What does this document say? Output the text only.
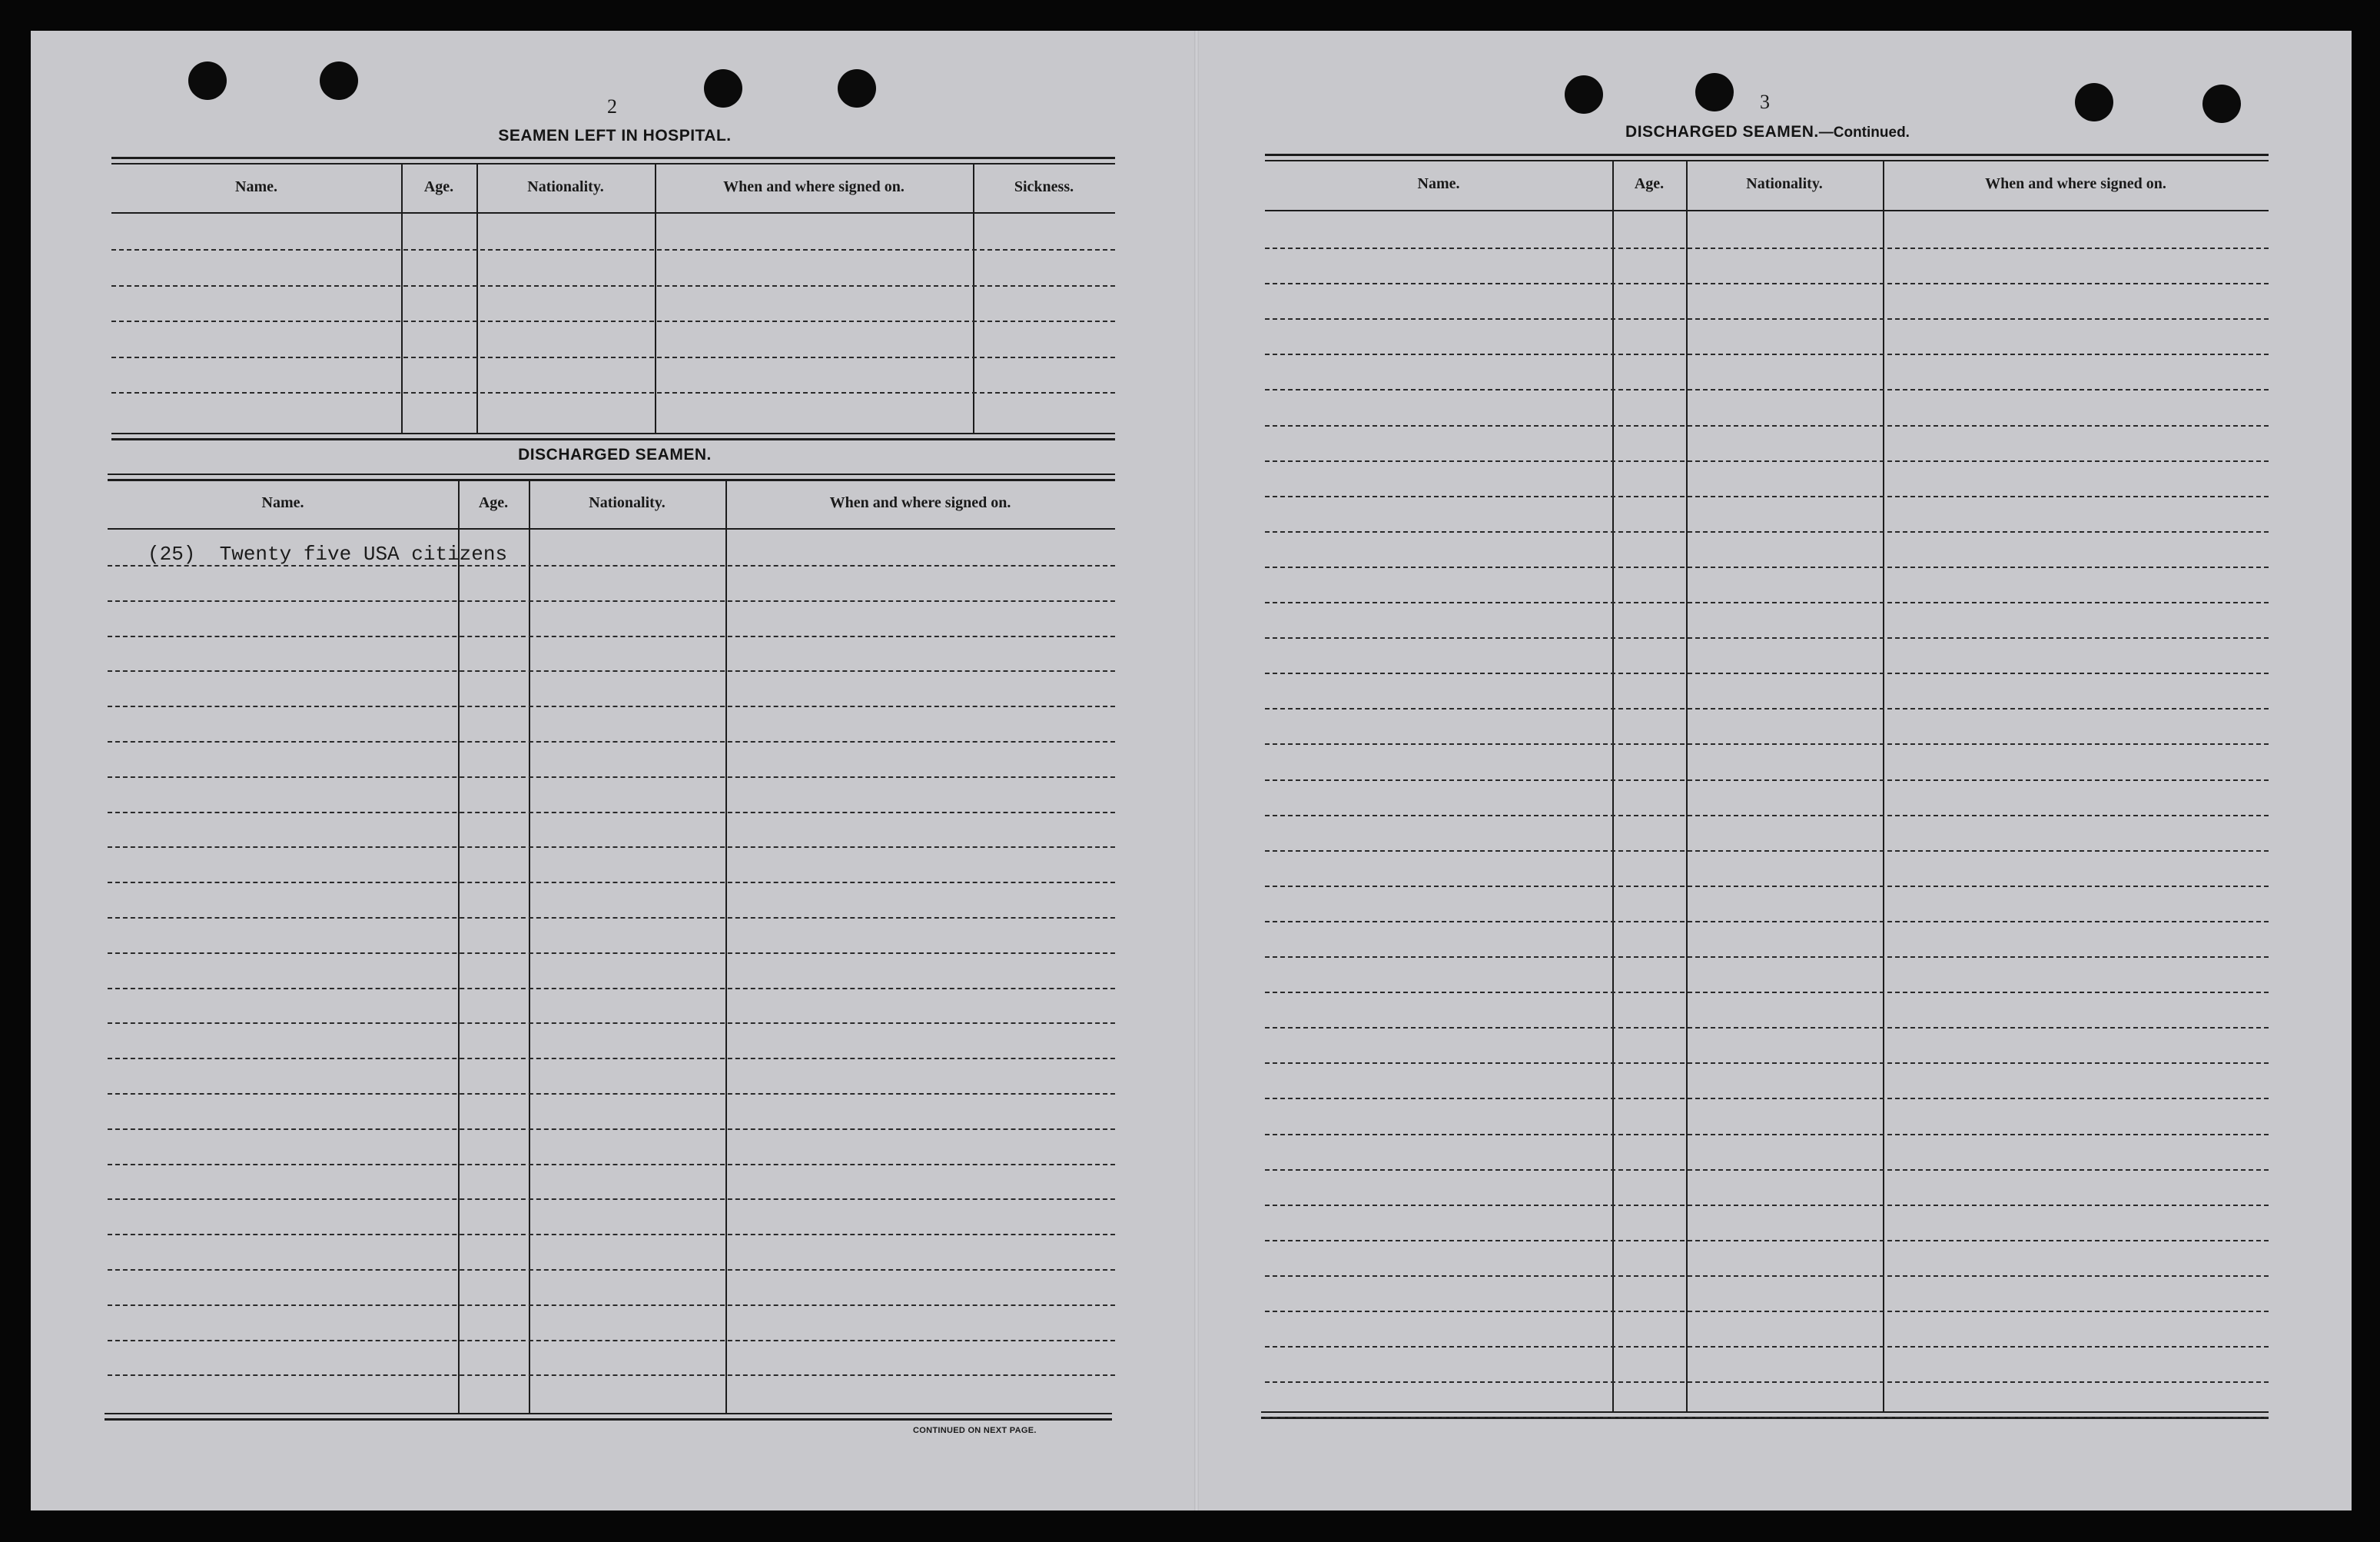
2
SEAMEN LEFT IN HOSPITAL.
Name.	Age.	Nationality.	When and where signed on.	Sickness.
DISCHARGED SEAMEN.
Name.	Age.	Nationality.	When and where signed on.
(25)  Twenty five USA citizens
CONTINUED ON NEXT PAGE.
3
DISCHARGED SEAMEN.—Continued.
Name.	Age.	Nationality.	When and where signed on.
